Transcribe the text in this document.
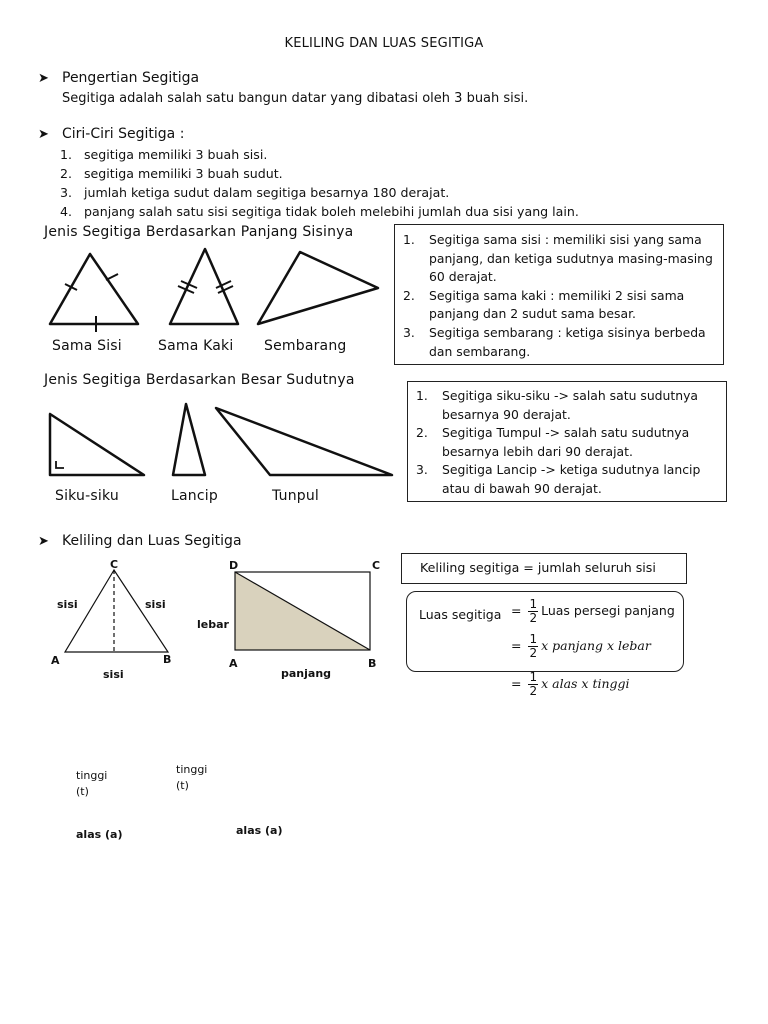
KELILING DAN LUAS SEGITIGA
➤ Pengertian Segitiga
Segitiga adalah salah satu bangun datar yang dibatasi oleh 3 buah sisi.
➤ Ciri-Ciri Segitiga :
1. segitiga memiliki 3 buah sisi.
2. segitiga memiliki 3 buah sudut.
3. jumlah ketiga sudut dalam segitiga besarnya 180 derajat.
4. panjang salah satu sisi segitiga tidak boleh melebihi jumlah dua sisi yang lain.
Jenis Segitiga Berdasarkan Panjang Sisinya
Sama Sisi	Sama Kaki Sembarang
1. Segitiga sama sisi : memiliki sisi yang sama panjang, dan ketiga sudutnya masing-masing 60 derajat.
2. Segitiga sama kaki : memiliki 2 sisi sama panjang dan 2 sudut sama besar.
3. Segitiga sembarang : ketiga sisinya berbeda dan sembarang.
Jenis Segitiga Berdasarkan Besar Sudutnya
Siku-siku	Lancip	Tunpul
1. Segitiga siku-siku -> salah satu sudutnya besarnya 90 derajat.
2. Segitiga Tumpul -> salah satu sudutnya besarnya lebih dari 90 derajat.
3. Segitiga Lancip -> ketiga sudutnya lancip atau di bawah 90 derajat.
➤ Keliling dan Luas Segitiga
C
A	B
sisi	sisi
sisi
D	C
A	B
lebar
panjang
Keliling segitiga = jumlah seluruh sisi
Luas segitiga = $\frac{1}{2}$ Luas persegi panjang
= $\frac{1}{2}$ x panjang x lebar
= $\frac{1}{2}$ x alas x tinggi
tinggi
(t)
tinggi
(t)
alas (a)	alas (a)
